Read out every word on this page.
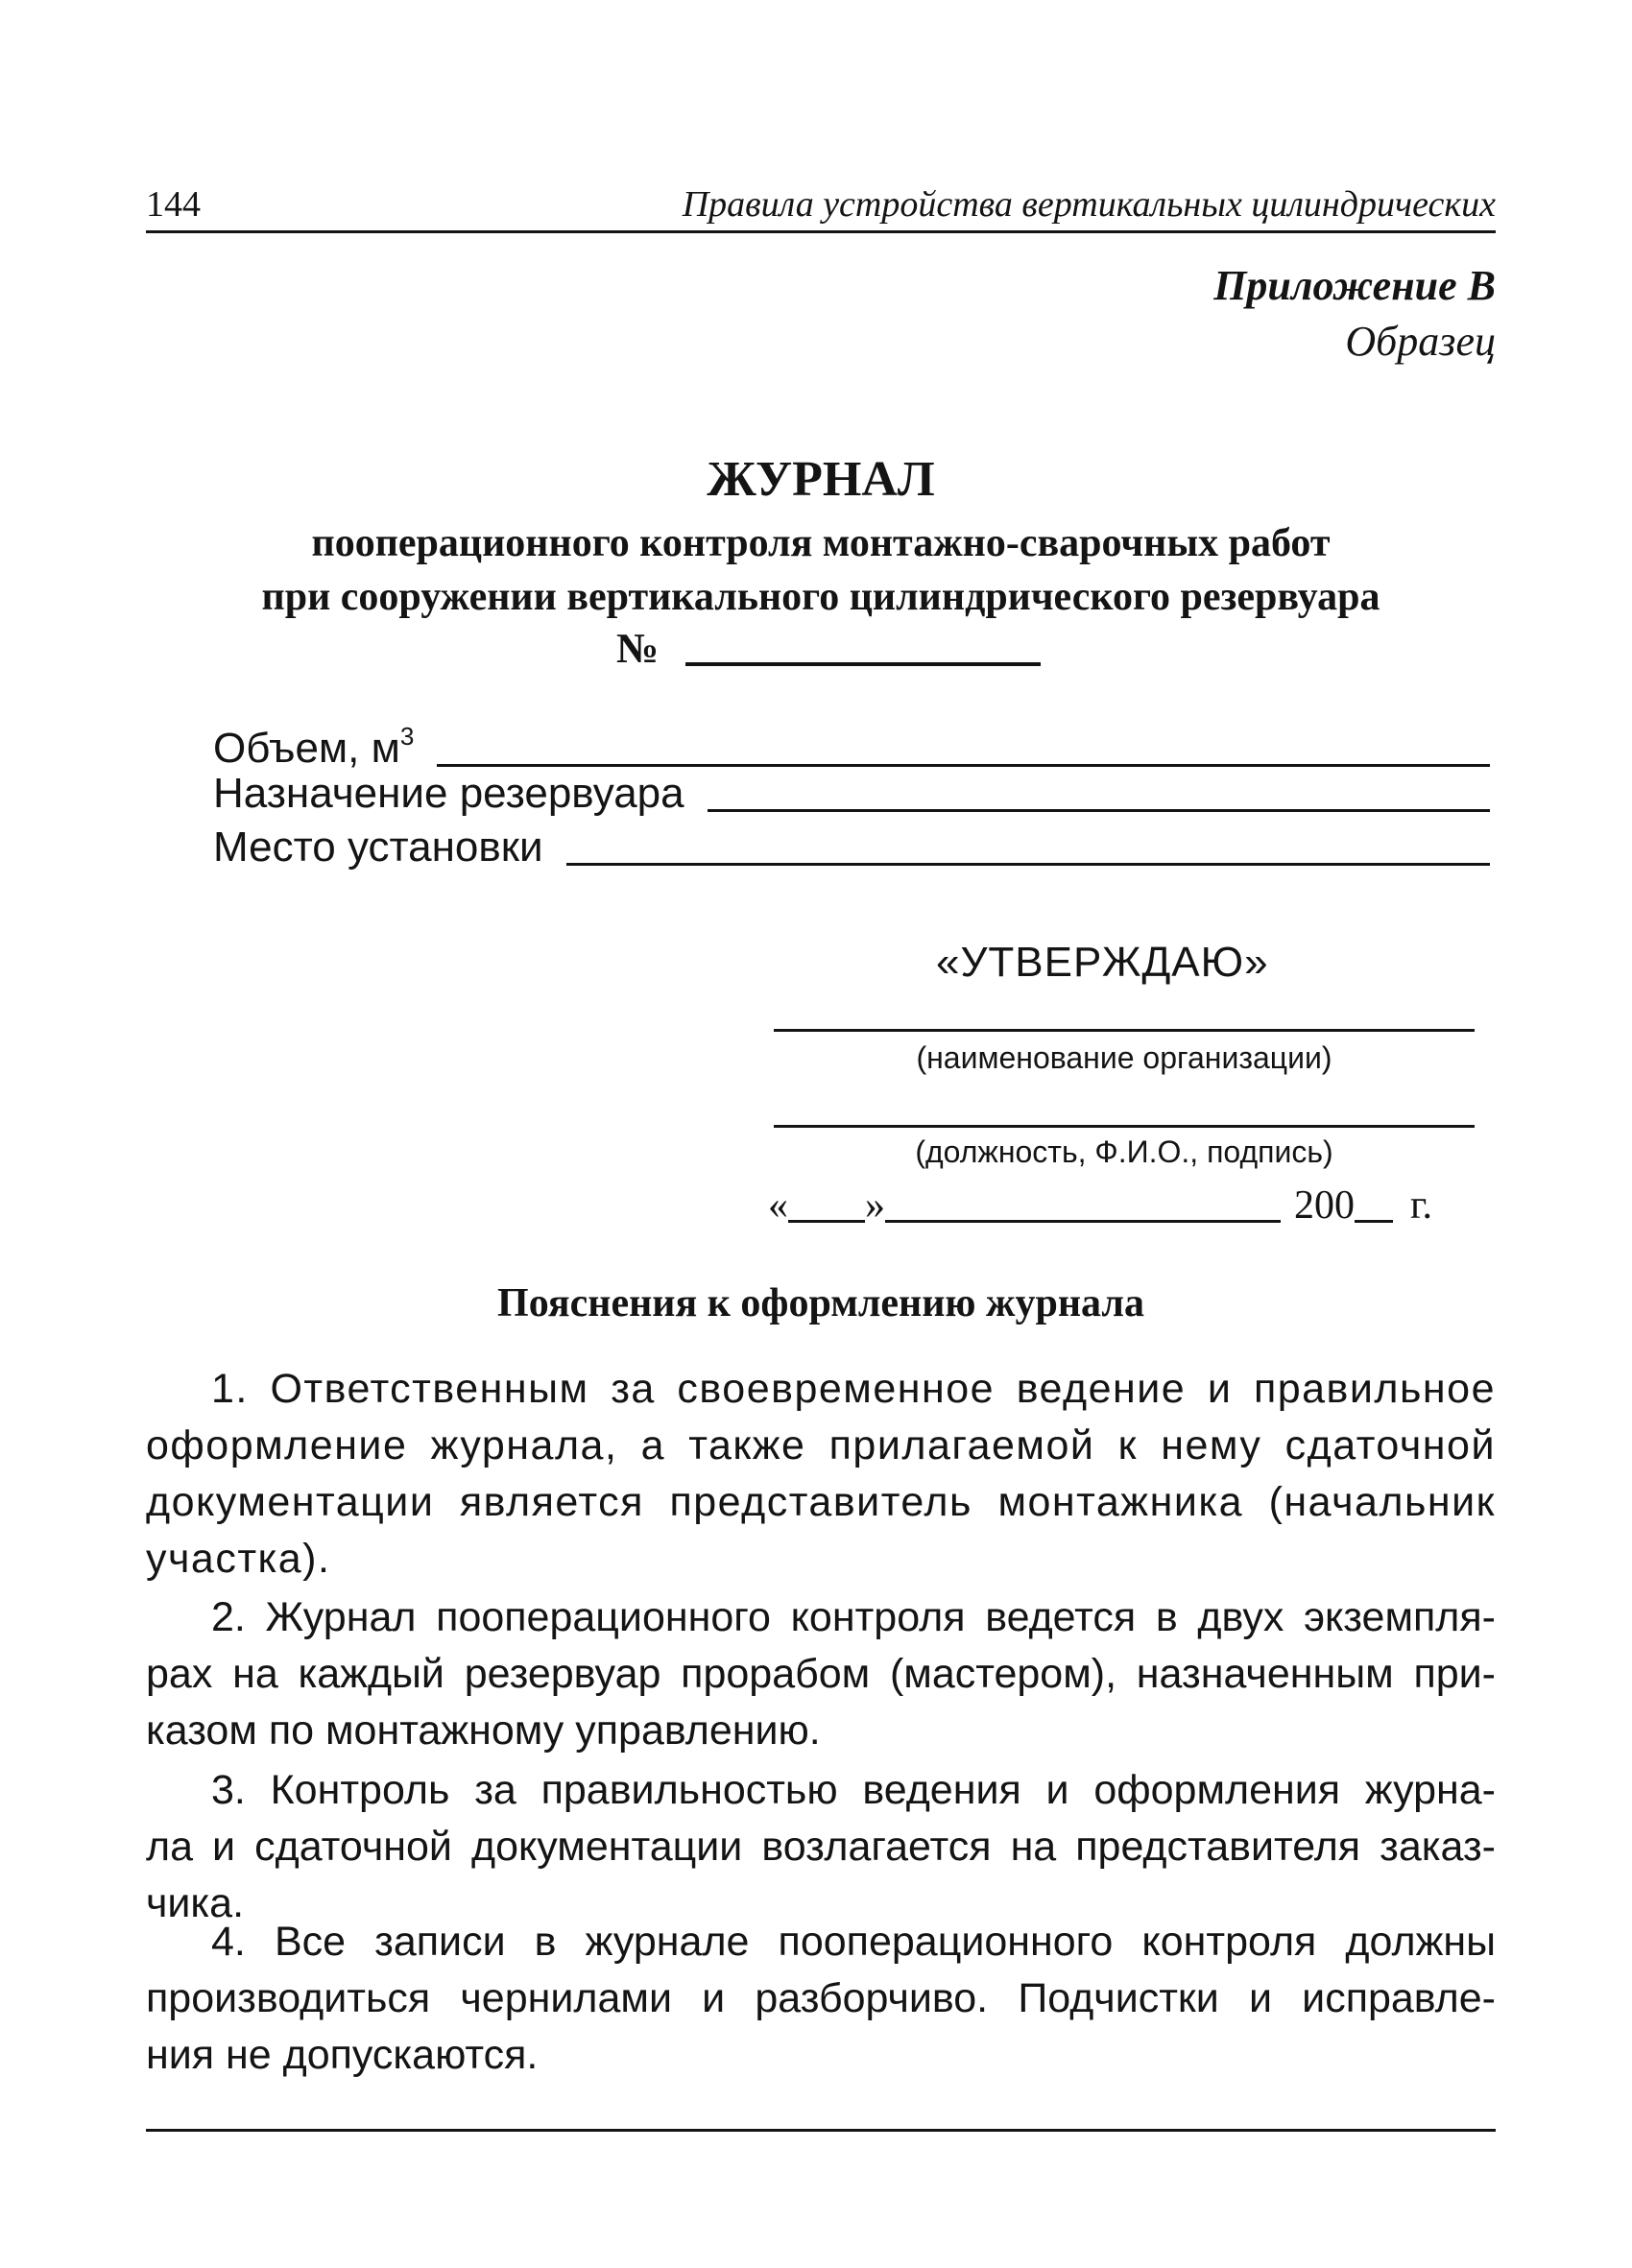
144	Правила устройства вертикальных цилиндрических
Приложение В
Образец
ЖУРНАЛ
пооперационного контроля монтажно-сварочных работ
при сооружении вертикального цилиндрического резервуара
№
Объем, $м^3$
Назначение резервуара
Место установки
«УТВЕРЖДАЮ»
(наименование организации)
(должность, Ф.И.О., подпись)
« »	200 г.
Пояснения к оформлению журнала
1. Ответственным за своевременное ведение и правильное
оформление журнала, а также прилагаемой к нему сдаточной
документации является представитель монтажника (начальник
участка).
2. Журнал пооперационного контроля ведется в двух экземпля-
рах на каждый резервуар прорабом (мастером), назначенным при-
казом по монтажному управлению.
3. Контроль за правильностью ведения и оформления журна-
ла и сдаточной документации возлагается на представителя заказ-
чика.
4. Все записи в журнале пооперационного контроля должны
производиться чернилами и разборчиво. Подчистки и исправле-
ния не допускаются.
